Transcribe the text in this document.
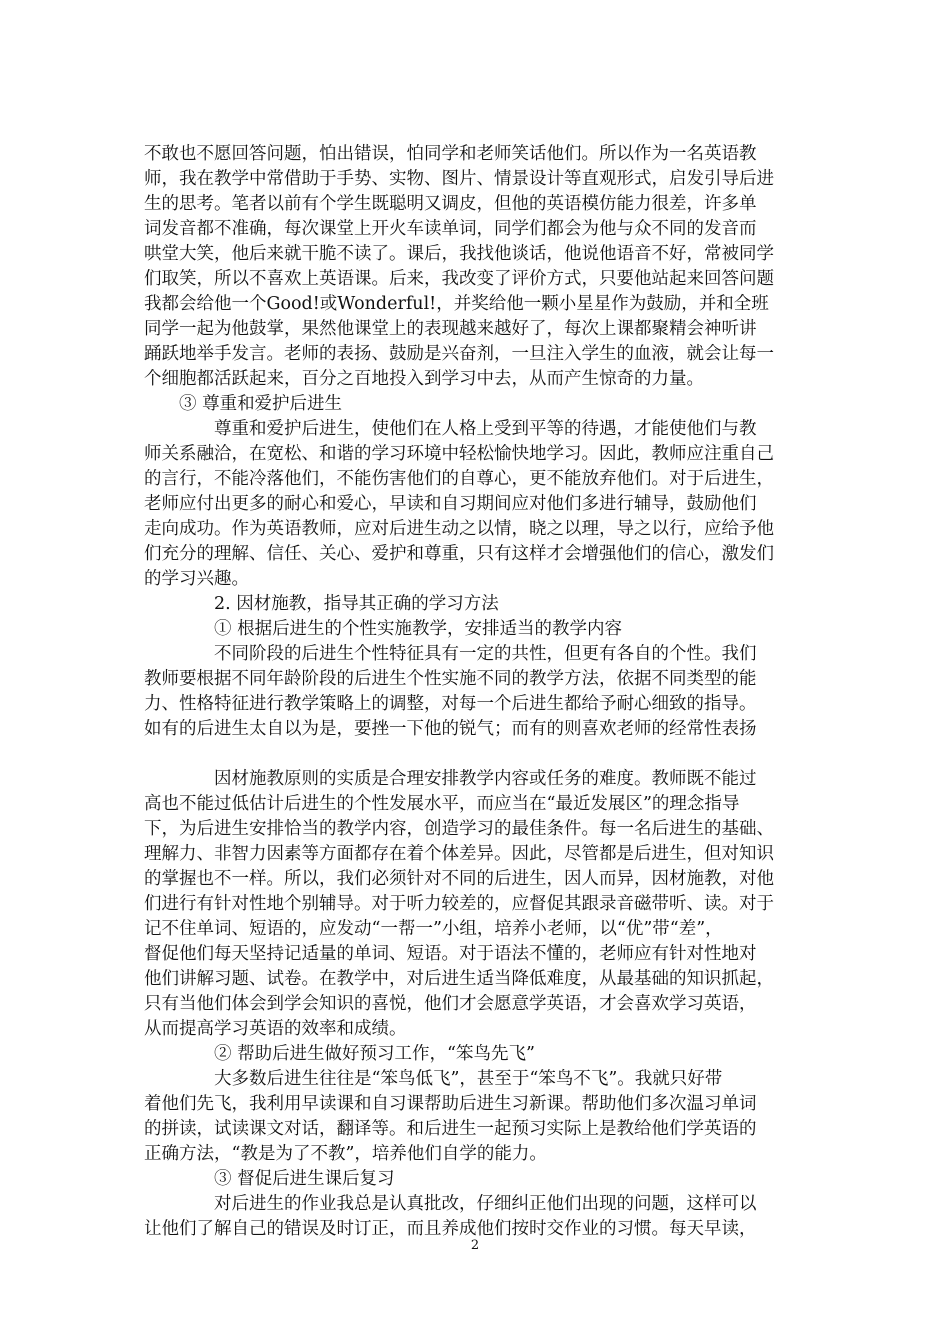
不敢也不愿回答问题，怕出错误，怕同学和老师笑话他们。所以作为一名英语教
师，我在教学中常借助于手势、实物、图片、情景设计等直观形式，启发引导后进
生的思考。笔者以前有个学生既聪明又调皮，但他的英语模仿能力很差，许多单
词发音都不准确，每次课堂上开火车读单词，同学们都会为他与众不同的发音而
哄堂大笑，他后来就干脆不读了。课后，我找他谈话，他说他语音不好，常被同学
们取笑，所以不喜欢上英语课。后来，我改变了评价方式，只要他站起来回答问题
我都会给他一个Good!或Wonderful!，并奖给他一颗小星星作为鼓励，并和全班
同学一起为他鼓掌，果然他课堂上的表现越来越好了，每次上课都聚精会神听讲
踊跃地举手发言。老师的表扬、鼓励是兴奋剂，一旦注入学生的血液，就会让每一
个细胞都活跃起来，百分之百地投入到学习中去，从而产生惊奇的力量。
③ 尊重和爱护后进生
尊重和爱护后进生，使他们在人格上受到平等的待遇，才能使他们与教
师关系融洽，在宽松、和谐的学习环境中轻松愉快地学习。因此，教师应注重自己
的言行，不能冷落他们，不能伤害他们的自尊心，更不能放弃他们。对于后进生，
老师应付出更多的耐心和爱心，早读和自习期间应对他们多进行辅导，鼓励他们
走向成功。作为英语教师，应对后进生动之以情，晓之以理，导之以行，应给予他
们充分的理解、信任、关心、爱护和尊重，只有这样才会增强他们的信心，激发们
的学习兴趣。
2. 因材施教，指导其正确的学习方法
① 根据后进生的个性实施教学，安排适当的教学内容
不同阶段的后进生个性特征具有一定的共性，但更有各自的个性。我们
教师要根据不同年龄阶段的后进生个性实施不同的教学方法，依据不同类型的能
力、性格特征进行教学策略上的调整，对每一个后进生都给予耐心细致的指导。
如有的后进生太自以为是，要挫一下他的锐气；而有的则喜欢老师的经常性表扬
因材施教原则的实质是合理安排教学内容或任务的难度。教师既不能过
高也不能过低估计后进生的个性发展水平，而应当在“最近发展区”的理念指导
下，为后进生安排恰当的教学内容，创造学习的最佳条件。每一名后进生的基础、
理解力、非智力因素等方面都存在着个体差异。因此，尽管都是后进生，但对知识
的掌握也不一样。所以，我们必须针对不同的后进生，因人而异，因材施教，对他
们进行有针对性地个别辅导。对于听力较差的，应督促其跟录音磁带听、读。对于
记不住单词、短语的，应发动“一帮一”小组，培养小老师，以“优”带“差”，
督促他们每天坚持记适量的单词、短语。对于语法不懂的，老师应有针对性地对
他们讲解习题、试卷。在教学中，对后进生适当降低难度，从最基础的知识抓起，
只有当他们体会到学会知识的喜悦，他们才会愿意学英语，才会喜欢学习英语，
从而提高学习英语的效率和成绩。
② 帮助后进生做好预习工作，“笨鸟先飞”
大多数后进生往往是“笨鸟低飞”，甚至于“笨鸟不飞”。我就只好带
着他们先飞，我利用早读课和自习课帮助后进生习新课。帮助他们多次温习单词
的拼读，试读课文对话，翻译等。和后进生一起预习实际上是教给他们学英语的
正确方法，“教是为了不教”，培养他们自学的能力。
③ 督促后进生课后复习
对后进生的作业我总是认真批改，仔细纠正他们出现的问题，这样可以
让他们了解自己的错误及时订正，而且养成他们按时交作业的习惯。每天早读，
2
